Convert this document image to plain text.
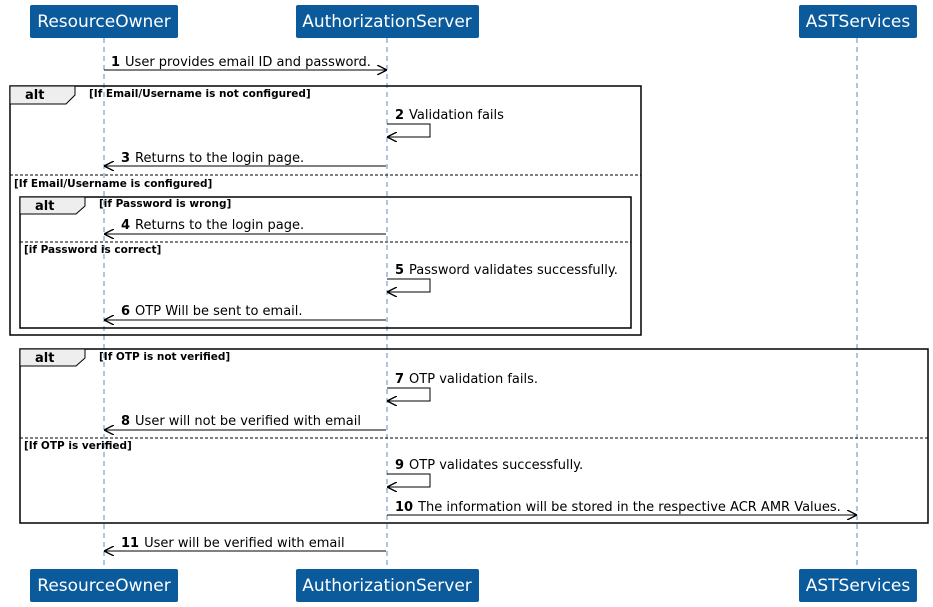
ResourceOwner	AuthorizationServer	ASTServices
ResourceOwner	AuthorizationServer	ASTServices
1 User provides email ID and password.
alt	[If Email/Username is not configured]
[If Email/Username is configured]
2 Validation fails
3 Returns to the login page.
alt	[if Password is wrong]
[if Password is correct]
4 Returns to the login page.
5 Password validates successfully.
6 OTP Will be sent to email.
alt	[If OTP is not verified]
[If OTP is verified]
7 OTP validation fails.
8 User will not be verified with email
9 OTP validates successfully.
10 The information will be stored in the respective ACR AMR Values.
11 User will be verified with email
